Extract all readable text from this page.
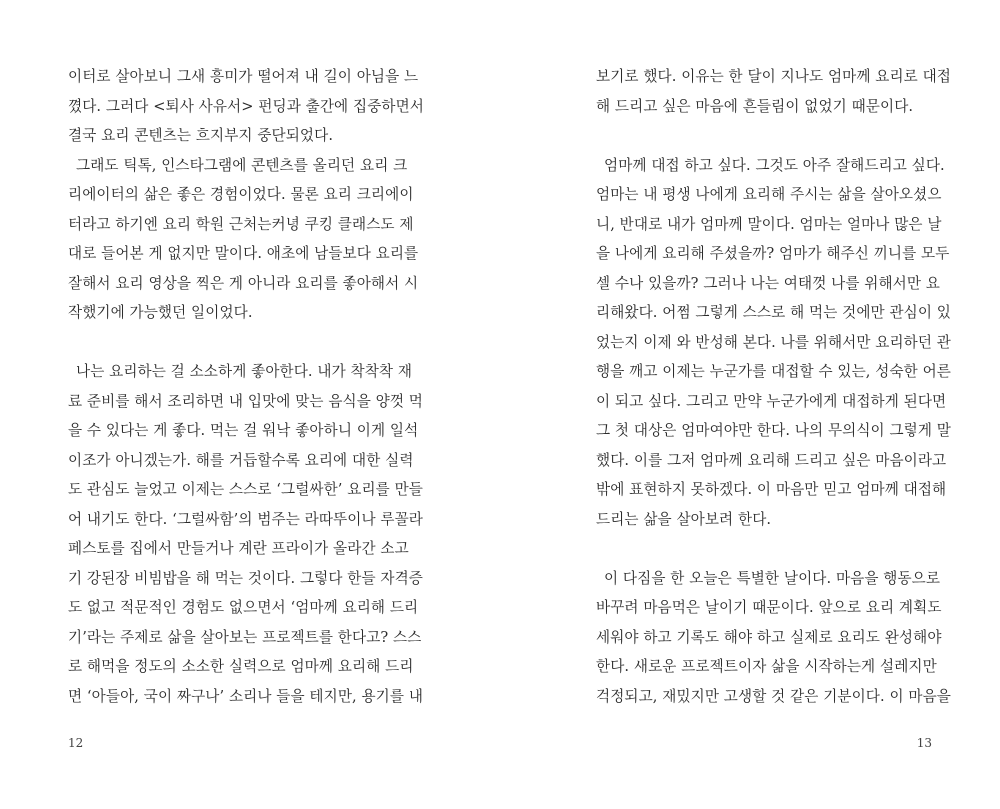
이터로 살아보니 그새 흥미가 떨어져 내 길이 아님을 느
꼈다. 그러다 <퇴사 사유서> 펀딩과 출간에 집중하면서
결국 요리 콘텐츠는 흐지부지 중단되었다.
그래도 틱톡, 인스타그램에 콘텐츠를 올리던 요리 크
리에이터의 삶은 좋은 경험이었다. 물론 요리 크리에이
터라고 하기엔 요리 학원 근처는커녕 쿠킹 클래스도 제
대로 들어본 게 없지만 말이다. 애초에 남들보다 요리를
잘해서 요리 영상을 찍은 게 아니라 요리를 좋아해서 시
작했기에 가능했던 일이었다.
나는 요리하는 걸 소소하게 좋아한다. 내가 착착착 재
료 준비를 해서 조리하면 내 입맛에 맞는 음식을 양껏 먹
을 수 있다는 게 좋다. 먹는 걸 워낙 좋아하니 이게 일석
이조가 아니겠는가. 해를 거듭할수록 요리에 대한 실력
도 관심도 늘었고 이제는 스스로 ‘그럴싸한’ 요리를 만들
어 내기도 한다. ‘그럴싸함’의 범주는 라따뚜이나 루꼴라
페스토를 집에서 만들거나 계란 프라이가 올라간 소고
기 강된장 비빔밥을 해 먹는 것이다. 그렇다 한들 자격증
도 없고 적문적인 경험도 없으면서 ‘엄마께 요리해 드리
기’라는 주제로 삶을 살아보는 프로젝트를 한다고? 스스
로 해먹을 정도의 소소한 실력으로 엄마께 요리해 드리
면 ‘아들아, 국이 짜구나’ 소리나 들을 테지만, 용기를 내
12
보기로 했다. 이유는 한 달이 지나도 엄마께 요리로 대접
해 드리고 싶은 마음에 흔들림이 없었기 때문이다.
엄마께 대접 하고 싶다. 그것도 아주 잘해드리고 싶다.
엄마는 내 평생 나에게 요리해 주시는 삶을 살아오셨으
니, 반대로 내가 엄마께 말이다. 엄마는 얼마나 많은 날
을 나에게 요리해 주셨을까? 엄마가 해주신 끼니를 모두
셀 수나 있을까? 그러나 나는 여태껏 나를 위해서만 요
리해왔다. 어쩜 그렇게 스스로 해 먹는 것에만 관심이 있
었는지 이제 와 반성해 본다. 나를 위해서만 요리하던 관
행을 깨고 이제는 누군가를 대접할 수 있는, 성숙한 어른
이 되고 싶다. 그리고 만약 누군가에게 대접하게 된다면
그 첫 대상은 엄마여야만 한다. 나의 무의식이 그렇게 말
했다. 이를 그저 엄마께 요리해 드리고 싶은 마음이라고
밖에 표현하지 못하겠다. 이 마음만 믿고 엄마께 대접해
드리는 삶을 살아보려 한다.
이 다짐을 한 오늘은 특별한 날이다. 마음을 행동으로
바꾸려 마음먹은 날이기 때문이다. 앞으로 요리 계획도
세워야 하고 기록도 해야 하고 실제로 요리도 완성해야
한다. 새로운 프로젝트이자 삶을 시작하는게 설레지만
걱정되고, 재밌지만 고생할 것 같은 기분이다. 이 마음을
13
